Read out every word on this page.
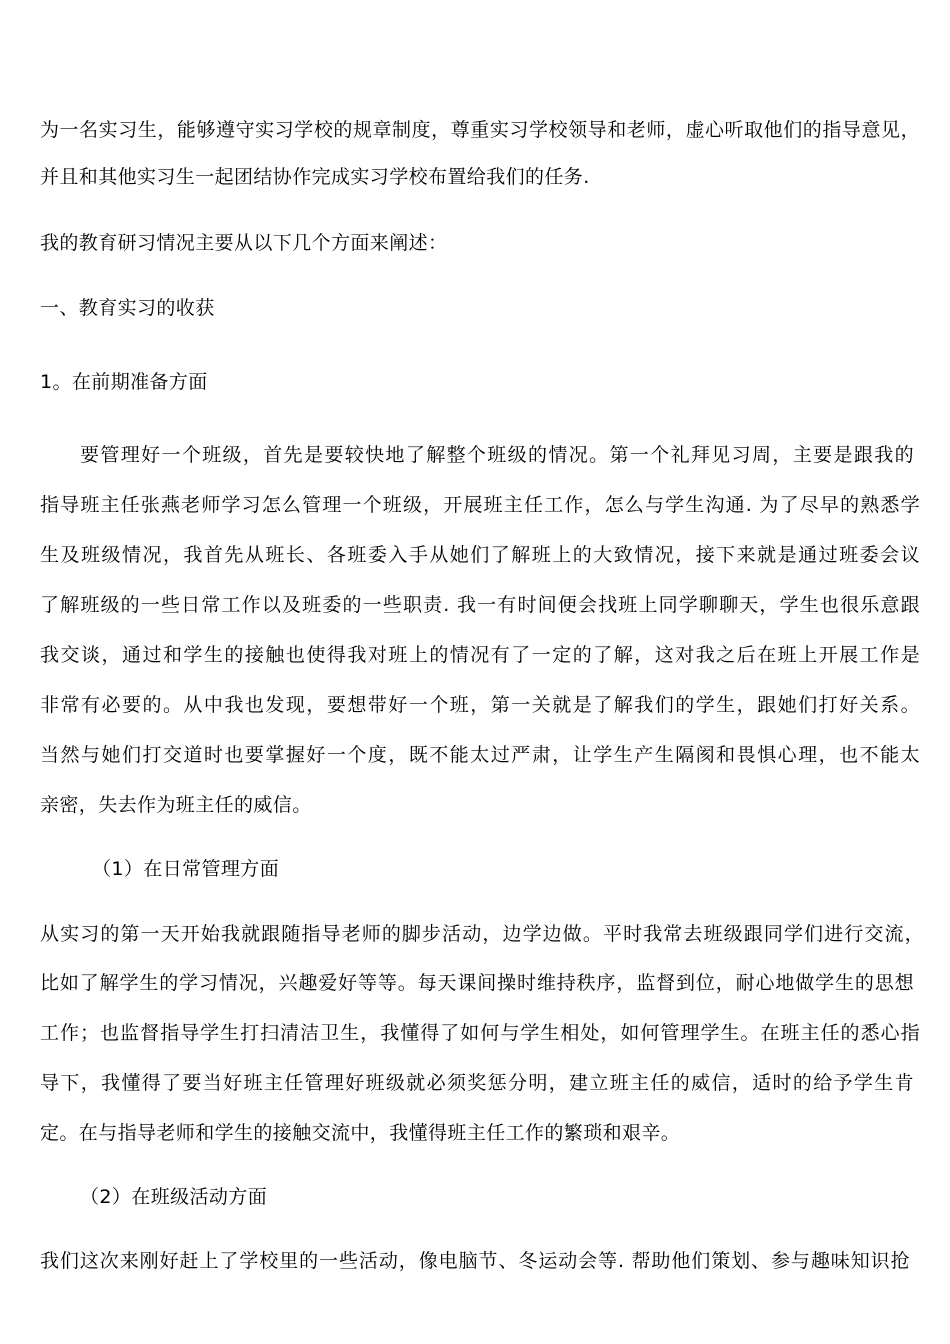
为一名实习生，能够遵守实习学校的规章制度，尊重实习学校领导和老师，虚心听取他们的指导意见，
并且和其他实习生一起团结协作完成实习学校布置给我们的任务.
我的教育研习情况主要从以下几个方面来阐述：
一、教育实习的收获
1。在前期准备方面
要管理好一个班级，首先是要较快地了解整个班级的情况。第一个礼拜见习周，主要是跟我的
指导班主任张燕老师学习怎么管理一个班级，开展班主任工作，怎么与学生沟通. 为了尽早的熟悉学
生及班级情况，我首先从班长、各班委入手从她们了解班上的大致情况，接下来就是通过班委会议
了解班级的一些日常工作以及班委的一些职责. 我一有时间便会找班上同学聊聊天，学生也很乐意跟
我交谈，通过和学生的接触也使得我对班上的情况有了一定的了解，这对我之后在班上开展工作是
非常有必要的。从中我也发现，要想带好一个班，第一关就是了解我们的学生，跟她们打好关系。
当然与她们打交道时也要掌握好一个度，既不能太过严肃，让学生产生隔阂和畏惧心理，也不能太
亲密，失去作为班主任的威信。
（1）在日常管理方面
从实习的第一天开始我就跟随指导老师的脚步活动，边学边做。平时我常去班级跟同学们进行交流，
比如了解学生的学习情况，兴趣爱好等等。每天课间操时维持秩序，监督到位，耐心地做学生的思想
工作；也监督指导学生打扫清洁卫生，我懂得了如何与学生相处，如何管理学生。在班主任的悉心指
导下，我懂得了要当好班主任管理好班级就必须奖惩分明，建立班主任的威信，适时的给予学生肯
定。在与指导老师和学生的接触交流中，我懂得班主任工作的繁琐和艰辛。
（2）在班级活动方面
我们这次来刚好赶上了学校里的一些活动，像电脑节、冬运动会等. 帮助他们策划、参与趣味知识抢
